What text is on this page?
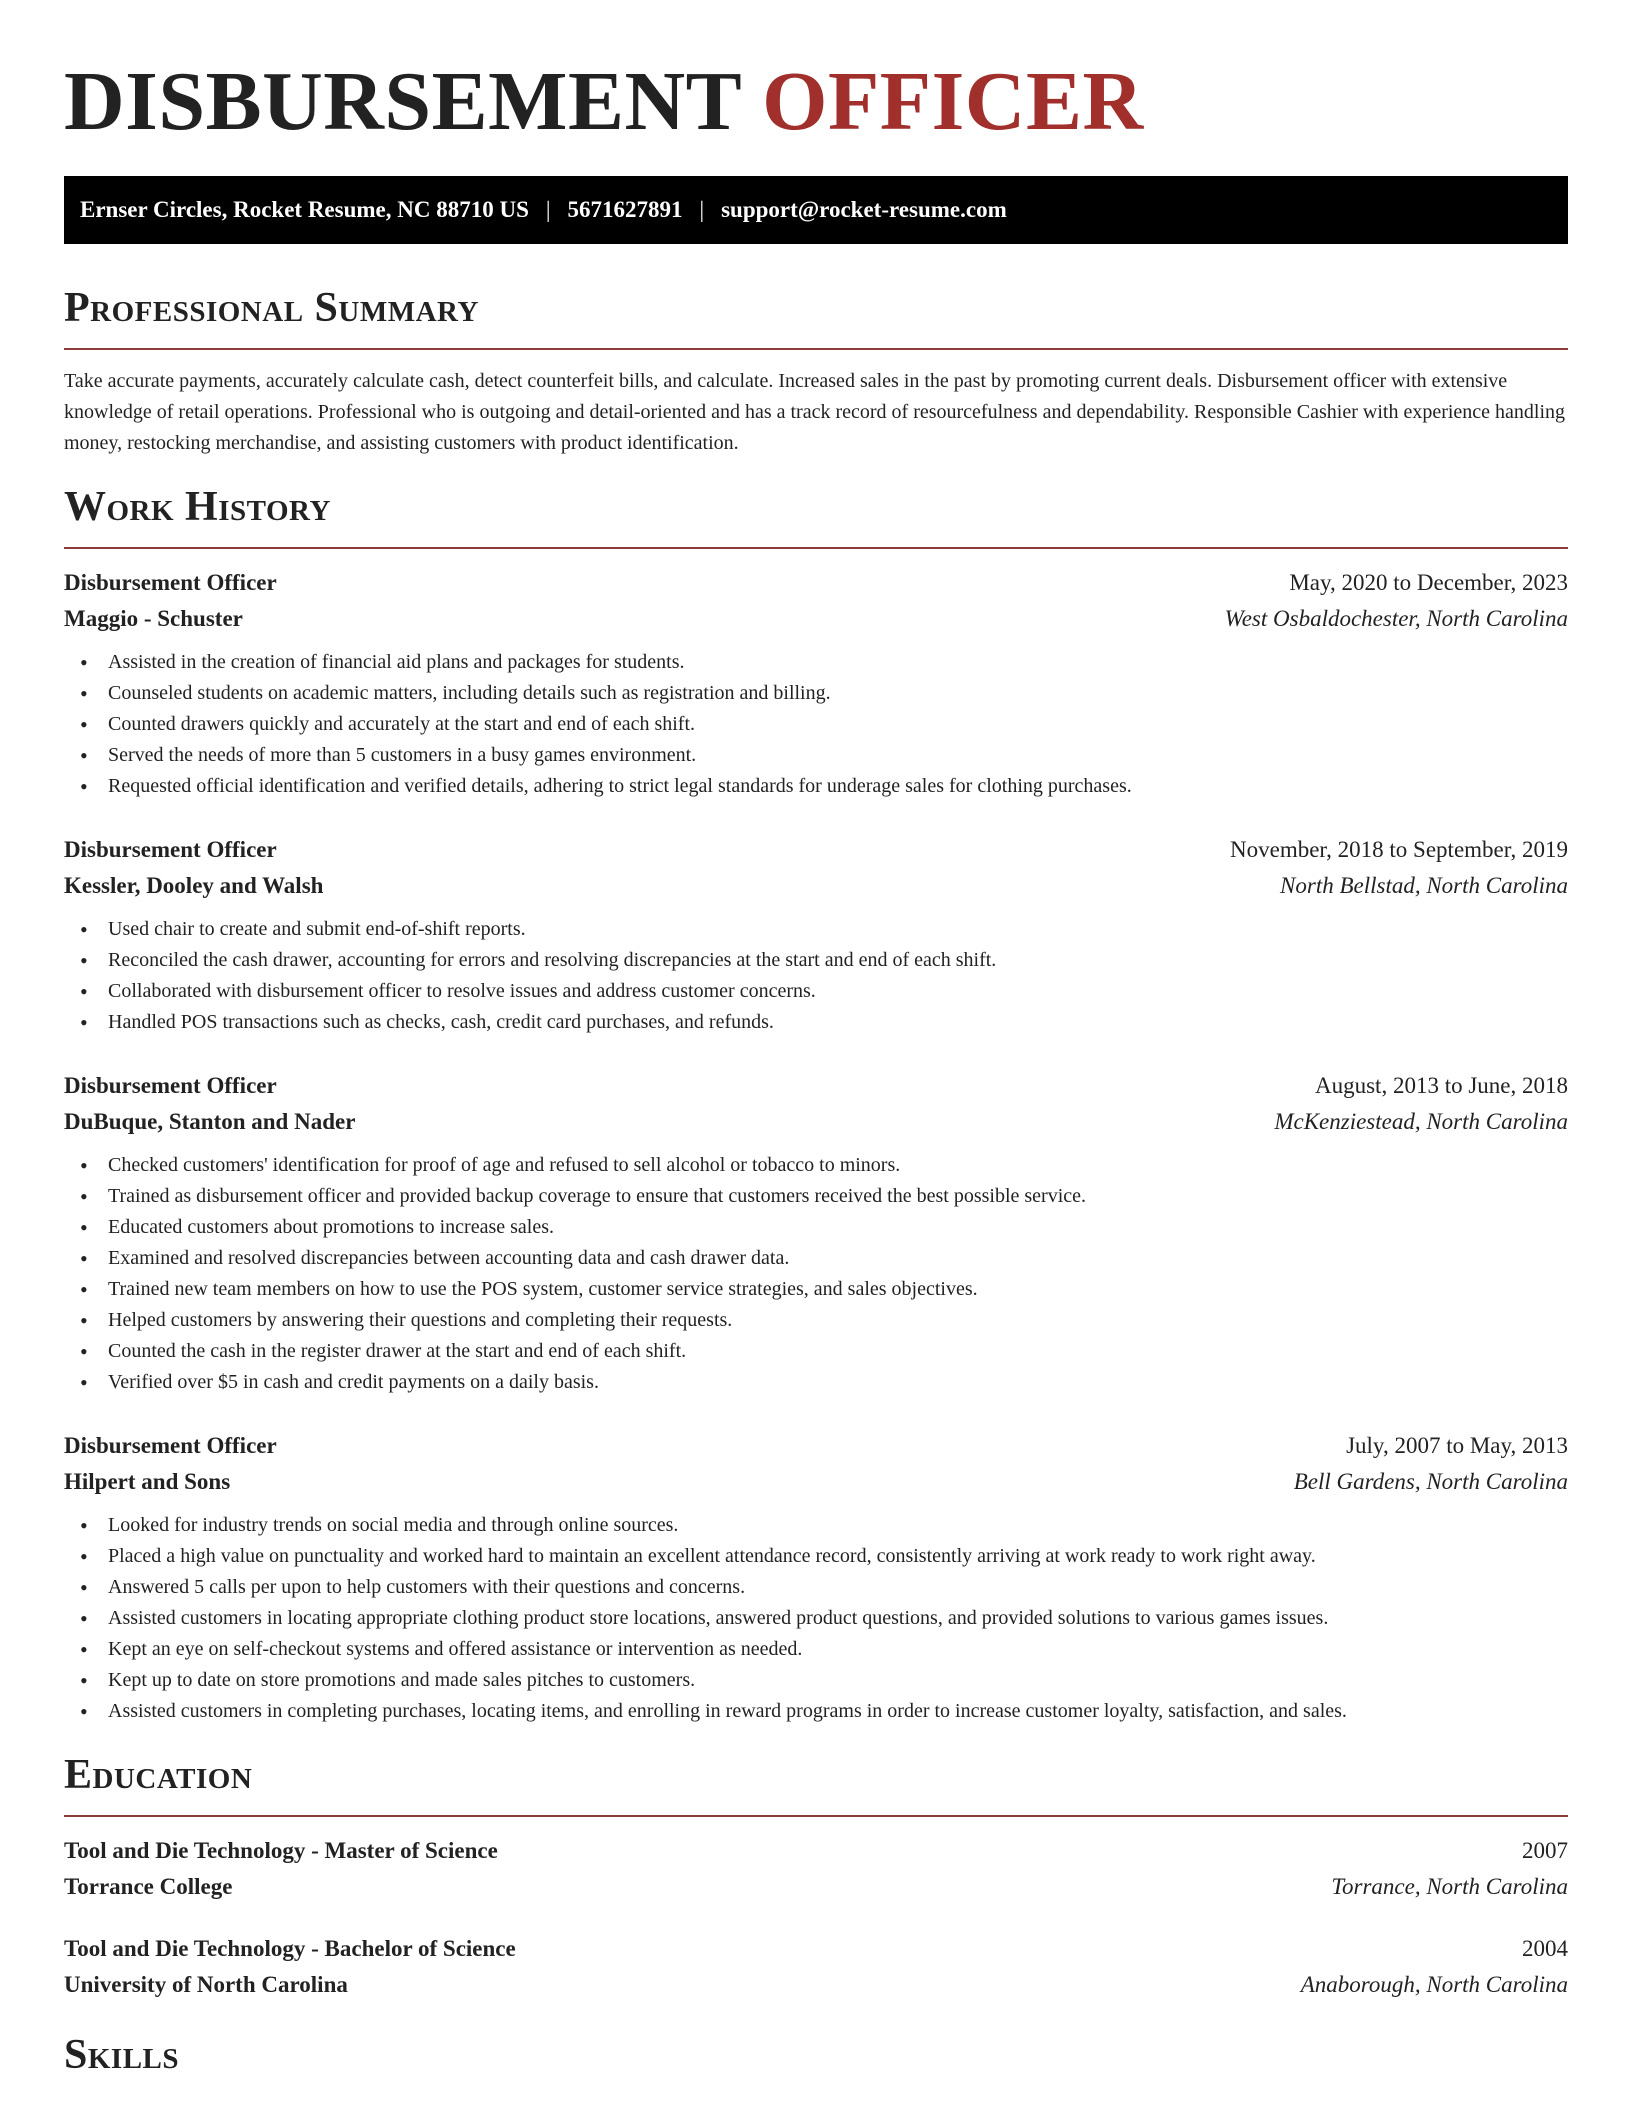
DISBURSEMENT OFFICER
Ernser Circles, Rocket Resume, NC 88710 US | 5671627891 | support@rocket-resume.com
Professional Summary

Take accurate payments, accurately calculate cash, detect counterfeit bills, and calculate. Increased sales in the past by promoting current deals. Disbursement officer with extensive knowledge of retail operations. Professional who is outgoing and detail-oriented and has a track record of resourcefulness and dependability. Responsible Cashier with experience handling money, restocking merchandise, and assisting customers with product identification.

Work History
Disbursement Officer	May, 2020 to December, 2023
Maggio - Schuster	West Osbaldochester, North Carolina
• Assisted in the creation of financial aid plans and packages for students.
• Counseled students on academic matters, including details such as registration and billing.
• Counted drawers quickly and accurately at the start and end of each shift.
• Served the needs of more than 5 customers in a busy games environment.
• Requested official identification and verified details, adhering to strict legal standards for underage sales for clothing purchases.
Disbursement Officer	November, 2018 to September, 2019
Kessler, Dooley and Walsh	North Bellstad, North Carolina
• Used chair to create and submit end-of-shift reports.
• Reconciled the cash drawer, accounting for errors and resolving discrepancies at the start and end of each shift.
• Collaborated with disbursement officer to resolve issues and address customer concerns.
• Handled POS transactions such as checks, cash, credit card purchases, and refunds.
Disbursement Officer	August, 2013 to June, 2018
DuBuque, Stanton and Nader	McKenziestead, North Carolina
• Checked customers' identification for proof of age and refused to sell alcohol or tobacco to minors.
• Trained as disbursement officer and provided backup coverage to ensure that customers received the best possible service.
• Educated customers about promotions to increase sales.
• Examined and resolved discrepancies between accounting data and cash drawer data.
• Trained new team members on how to use the POS system, customer service strategies, and sales objectives.
• Helped customers by answering their questions and completing their requests.
• Counted the cash in the register drawer at the start and end of each shift.
• Verified over $5 in cash and credit payments on a daily basis.
Disbursement Officer	July, 2007 to May, 2013
Hilpert and Sons	Bell Gardens, North Carolina
• Looked for industry trends on social media and through online sources.
• Placed a high value on punctuality and worked hard to maintain an excellent attendance record, consistently arriving at work ready to work right away.
• Answered 5 calls per upon to help customers with their questions and concerns.
• Assisted customers in locating appropriate clothing product store locations, answered product questions, and provided solutions to various games issues.
• Kept an eye on self-checkout systems and offered assistance or intervention as needed.
• Kept up to date on store promotions and made sales pitches to customers.
• Assisted customers in completing purchases, locating items, and enrolling in reward programs in order to increase customer loyalty, satisfaction, and sales.
Education
Tool and Die Technology - Master of Science	2007
Torrance College	Torrance, North Carolina
Tool and Die Technology - Bachelor of Science	2004
University of North Carolina	Anaborough, North Carolina
Skills
